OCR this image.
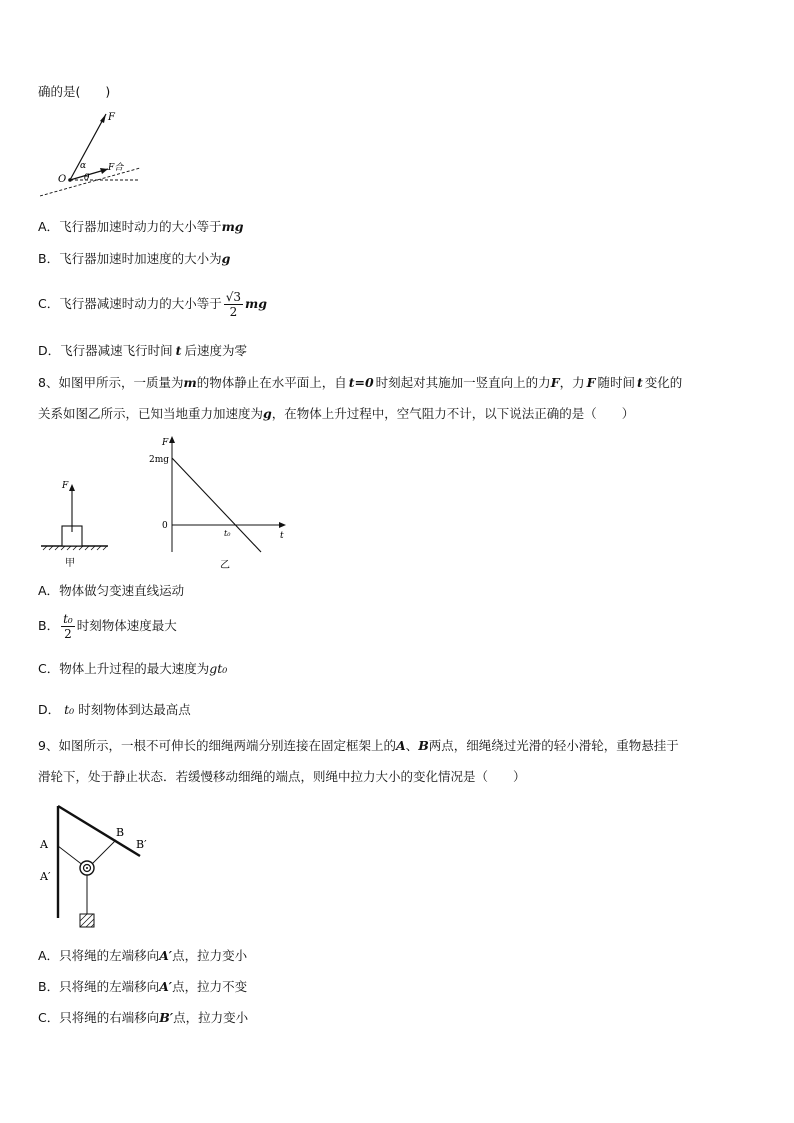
确的是(　　)
F
α
θ
O
F合
A．飞行器加速时动力的大小等于mg
B．飞行器加速时加速度的大小为g
C． 飞行器减速时动力的大小等于 $\frac{√3}{2}$ mg
D．飞行器减速飞行时间 t 后速度为零
8、如图甲所示，一质量为m的物体静止在水平面上，自 t=0 时刻起对其施加一竖直向上的力F，力 F 随时间 t 变化的
关系如图乙所示，已知当地重力加速度为g，在物体上升过程中，空气阻力不计，以下说法正确的是（　　）
F
甲
F
2mg
0
t₀	t
乙
A．物体做匀变速直线运动
B． $\frac{\text{t₀}}{2}$ 时刻物体速度最大
C．物体上升过程的最大速度为gt₀
D． t₀ 时刻物体到达最高点
9、如图所示，一根不可伸长的细绳两端分别连接在固定框架上的A、B两点，细绳绕过光滑的轻小滑轮，重物悬挂于
滑轮下，处于静止状态．若缓慢移动细绳的端点，则绳中拉力大小的变化情况是（　　）
A
A′
B
B′
A．只将绳的左端移向A′点，拉力变小
B．只将绳的左端移向A′点，拉力不变
C．只将绳的右端移向B′点，拉力变小
